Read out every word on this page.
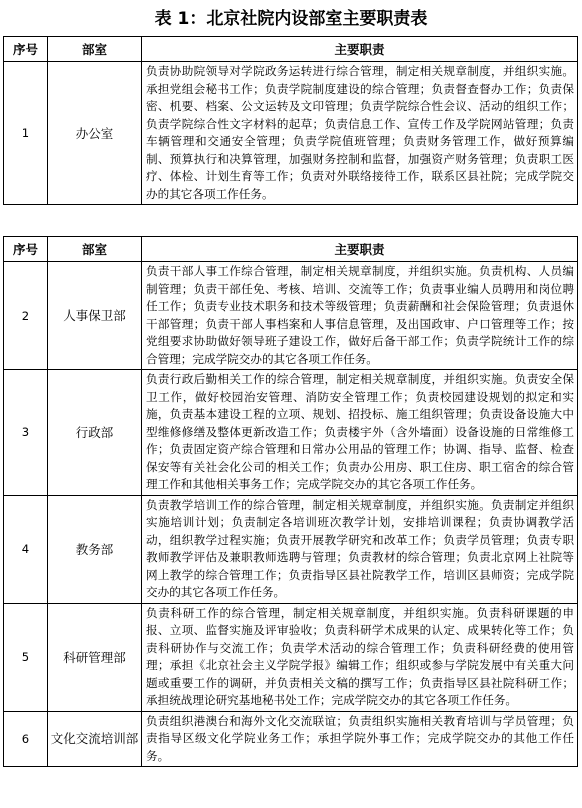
表 1：北京社院内设部室主要职责表
序号	部室	主要职责
1	办公室	负责协助院领导对学院政务运转进行综合管理，制定相关规章制度，并组织实施。承担党组会秘书工作；负责学院制度建设的综合管理；负责督查督办工作；负责保密、机要、档案、公文运转及文印管理；负责学院综合性会议、活动的组织工作；负责学院综合性文字材料的起草；负责信息工作、宣传工作及学院网站管理；负责车辆管理和交通安全管理；负责学院值班管理；负责财务管理工作，做好预算编制、预算执行和决算管理，加强财务控制和监督，加强资产财务管理；负责职工医疗、体检、计划生育等工作；负责对外联络接待工作，联系区县社院；完成学院交办的其它各项工作任务。
序号	部室	主要职责
2	人事保卫部	负责干部人事工作综合管理，制定相关规章制度，并组织实施。负责机构、人员编制管理；负责干部任免、考核、培训、交流等工作；负责事业编人员聘用和岗位聘任工作；负责专业技术职务和技术等级管理；负责薪酬和社会保险管理；负责退休干部管理；负责干部人事档案和人事信息管理，及出国政审、户口管理等工作；按党组要求协助做好领导班子建设工作，做好后备干部工作；负责学院统计工作的综合管理；完成学院交办的其它各项工作任务。
3	行政部	负责行政后勤相关工作的综合管理，制定相关规章制度，并组织实施。负责安全保卫工作，做好校园治安管理、消防安全管理工作；负责校园建设规划的拟定和实施，负责基本建设工程的立项、规划、招投标、施工组织管理；负责设备设施大中型维修修缮及整体更新改造工作；负责楼宇外（含外墙面）设备设施的日常维修工作；负责固定资产综合管理和日常办公用品的管理工作；协调、指导、监督、检查保安等有关社会化公司的相关工作；负责办公用房、职工住房、职工宿舍的综合管理工作和其他相关事务工作；完成学院交办的其它各项工作任务。
4	教务部	负责教学培训工作的综合管理，制定相关规章制度，并组织实施。负责制定并组织实施培训计划；负责制定各培训班次教学计划，安排培训课程；负责协调教学活动，组织教学过程实施；负责开展教学研究和改革工作；负责学员管理；负责专职教师教学评估及兼职教师选聘与管理；负责教材的综合管理；负责北京网上社院等网上教学的综合管理工作；负责指导区县社院教学工作，培训区县师资；完成学院交办的其它各项工作任务。
5	科研管理部	负责科研工作的综合管理，制定相关规章制度，并组织实施。负责科研课题的申报、立项、监督实施及评审验收；负责科研学术成果的认定、成果转化等工作；负责科研协作与交流工作；负责学术活动的综合管理工作；负责科研经费的使用管理；承担《北京社会主义学院学报》编辑工作；组织或参与学院发展中有关重大问题或重要工作的调研，并负责相关文稿的撰写工作；负责指导区县社院科研工作；承担统战理论研究基地秘书处工作；完成学院交办的其它各项工作任务。
6	文化交流培训部	负责组织港澳台和海外文化交流联谊；负责组织实施相关教育培训与学员管理；负责指导区级文化学院业务工作；承担学院外事工作；完成学院交办的其他工作任务。
